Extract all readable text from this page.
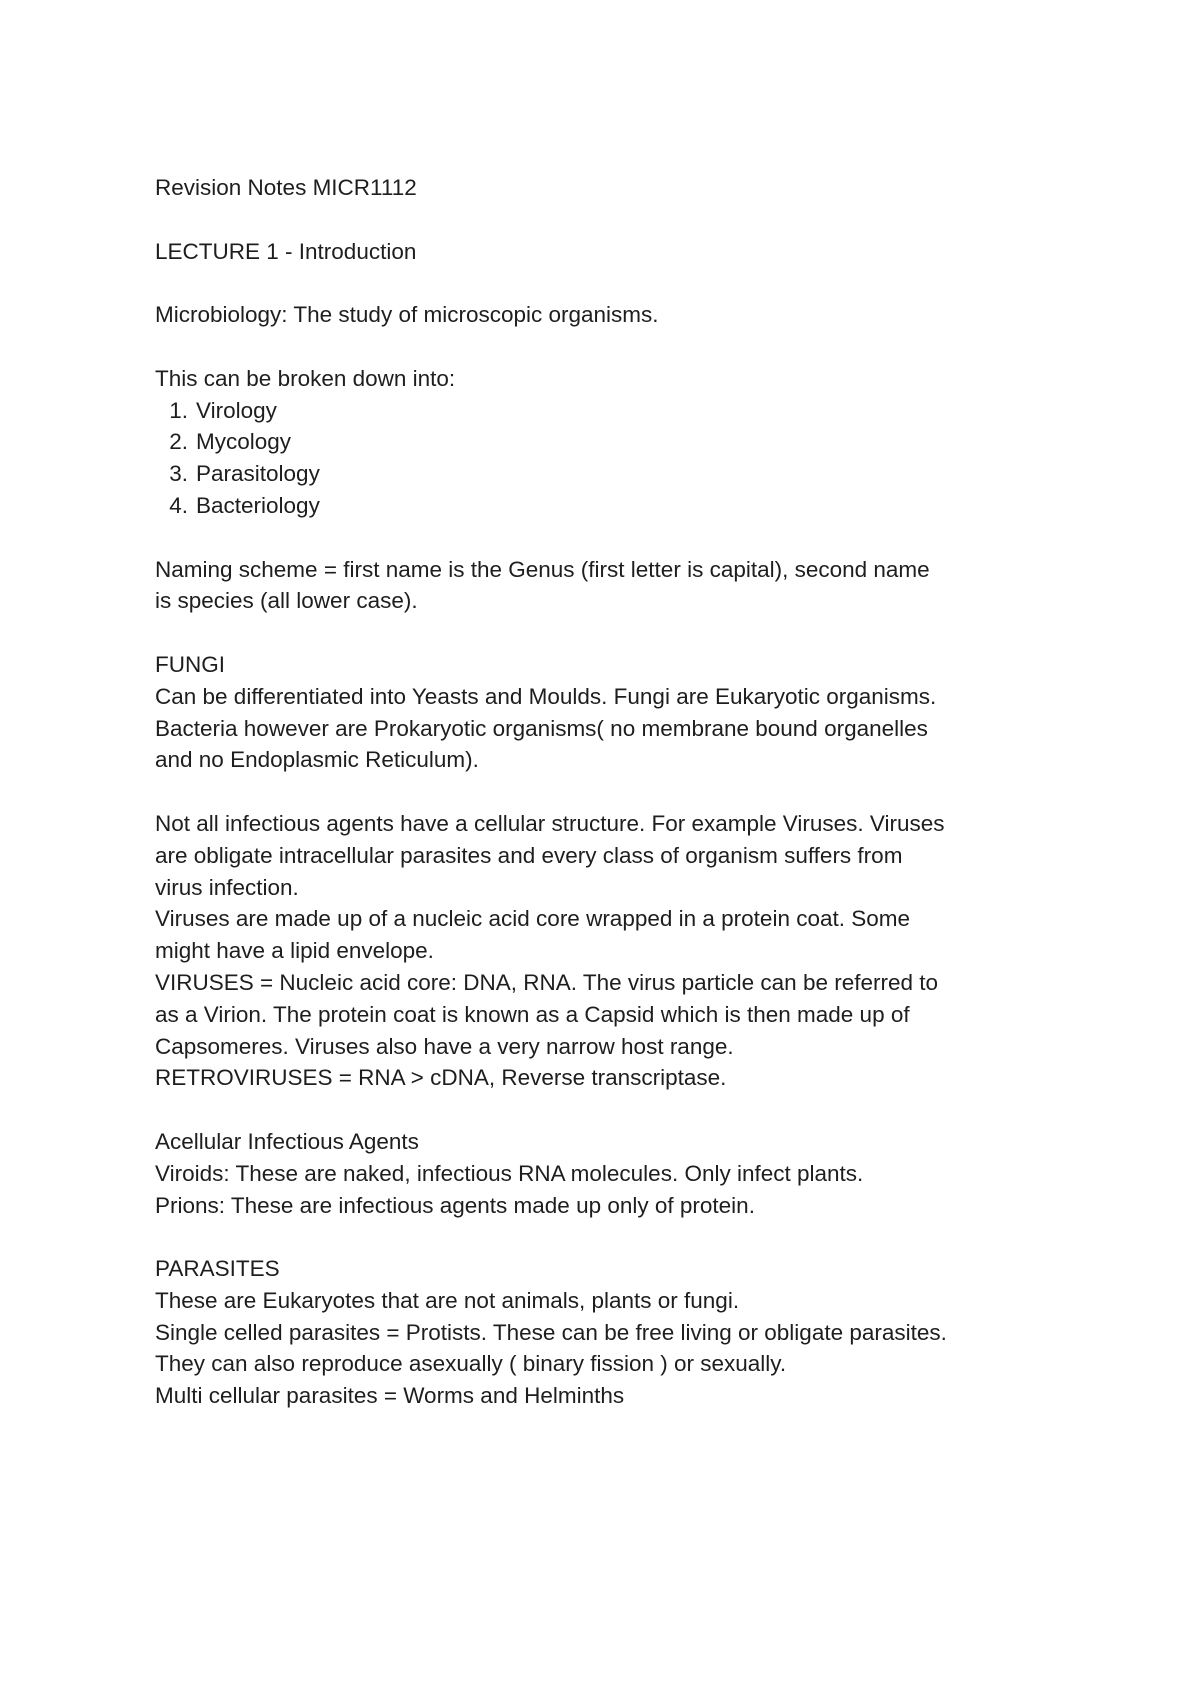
Revision Notes MICR1112

LECTURE 1 - Introduction

Microbiology: The study of microscopic organisms.

This can be broken down into:
1. Virology
2. Mycology
3. Parasitology
4. Bacteriology

Naming scheme = first name is the Genus (first letter is capital), second name
is species (all lower case).

FUNGI
Can be differentiated into Yeasts and Moulds. Fungi are Eukaryotic organisms.
Bacteria however are Prokaryotic organisms( no membrane bound organelles
and no Endoplasmic Reticulum).

Not all infectious agents have a cellular structure. For example Viruses. Viruses
are obligate intracellular parasites and every class of organism suffers from
virus infection.
Viruses are made up of a nucleic acid core wrapped in a protein coat. Some
might have a lipid envelope.
VIRUSES = Nucleic acid core: DNA, RNA. The virus particle can be referred to
as a Virion. The protein coat is known as a Capsid which is then made up of
Capsomeres. Viruses also have a very narrow host range.
RETROVIRUSES = RNA > cDNA, Reverse transcriptase.

Acellular Infectious Agents
Viroids: These are naked, infectious RNA molecules. Only infect plants.
Prions: These are infectious agents made up only of protein.

PARASITES
These are Eukaryotes that are not animals, plants or fungi.
Single celled parasites = Protists. These can be free living or obligate parasites.
They can also reproduce asexually ( binary fission ) or sexually.
Multi cellular parasites = Worms and Helminths
